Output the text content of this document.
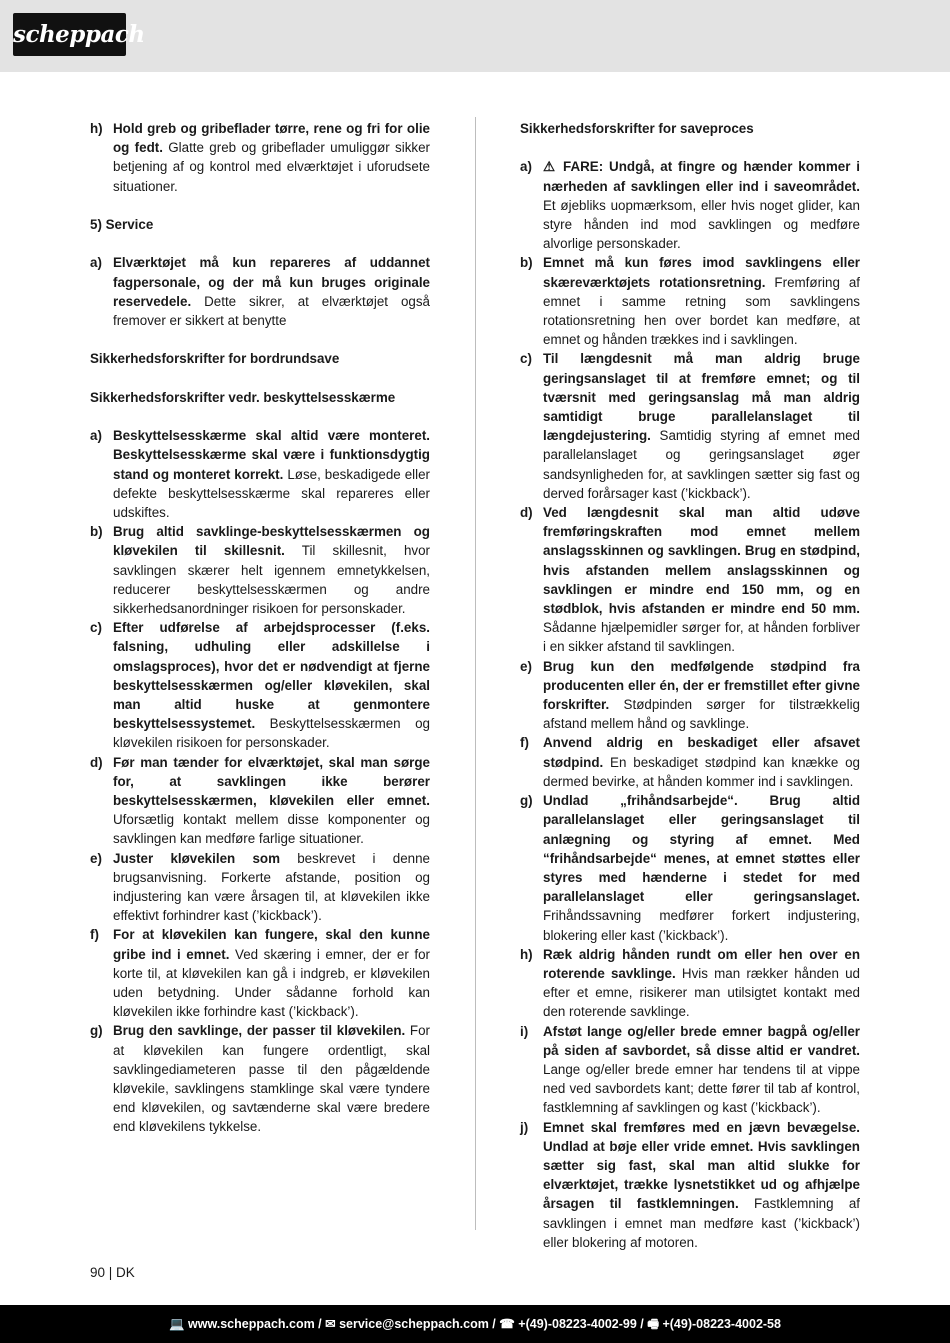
scheppach
h) Hold greb og gribeflader tørre, rene og fri for olie og fedt. Glatte greb og gribeflader umuliggør sikker betjening af og kontrol med elværktøjet i uforudsete situationer.
5) Service
a) Elværktøjet må kun repareres af uddannet fagpersonale, og der må kun bruges originale reservedele. Dette sikrer, at elværktøjet også fremover er sikkert at benytte
Sikkerhedsforskrifter for bordrundsave
Sikkerhedsforskrifter vedr. beskyttelsesskærme
a) Beskyttelsesskærme skal altid være monteret. Beskyttelsesskærme skal være i funktionsdygtig stand og monteret korrekt. Løse, beskadigede eller defekte beskyttelsesskærme skal repareres eller udskiftes.
b) Brug altid savklinge-beskyttelsesskærmen og kløvekilen til skillesnit. Til skillesnit, hvor savklingen skærer helt igennem emnetykkelsen, reducerer beskyttelsesskærmen og andre sikkerhedsanordninger risikoen for personskader.
c) Efter udførelse af arbejdsprocesser (f.eks. falsning, udhuling eller adskillelse i omslagsproces), hvor det er nødvendigt at fjerne beskyttelsesskærmen og/eller kløvekilen, skal man altid huske at genmontere beskyttelsessystemet. Beskyttelsesskærmen og kløvekilen risikoen for personskader.
d) Før man tænder for elværktøjet, skal man sørge for, at savklingen ikke berører beskyttelsesskærmen, kløvekilen eller emnet. Uforsætlig kontakt mellem disse komponenter og savklingen kan medføre farlige situationer.
e) Juster kløvekilen som beskrevet i denne brugsanvisning. Forkerte afstande, position og indjustering kan være årsagen til, at kløvekilen ikke effektivt forhindrer kast (’kickback’).
f)	For at kløvekilen kan fungere, skal den kunne gribe ind i emnet. Ved skæring i emner, der er for korte til, at kløvekilen kan gå i indgreb, er kløvekilen uden betydning. Under sådanne forhold kan kløvekilen ikke forhindre kast (’kickback’).
g) Brug den savklinge, der passer til kløvekilen. For at kløvekilen kan fungere ordentligt, skal savklingediameteren passe til den pågældende kløvekile, savklingens stamklinge skal være tyndere end kløvekilen, og savtænderne skal være bredere end kløvekilens tykkelse.
Sikkerhedsforskrifter for saveproces
a) ⚠ FARE: Undgå, at fingre og hænder kommer i nærheden af savklingen eller ind i saveområdet. Et øjebliks uopmærksom, eller hvis noget glider, kan styre hånden ind mod savklingen og medføre alvorlige personskader.
b) Emnet må kun føres imod savklingens eller skæreværktøjets rotationsretning. Fremføring af emnet i samme retning som savklingens rotationsretning hen over bordet kan medføre, at emnet og hånden trækkes ind i savklingen.
c) Til længdesnit må man aldrig bruge geringsanslaget til at fremføre emnet; og til tværsnit med geringsanslag må man aldrig samtidigt bruge parallelanslaget til længdejustering. Samtidig styring af emnet med parallelanslaget og geringsanslaget øger sandsynligheden for, at savklingen sætter sig fast og derved forårsager kast (’kickback’).
d) Ved længdesnit skal man altid udøve fremføringskraften mod emnet mellem anslagsskinnen og savklingen. Brug en stødpind, hvis afstanden mellem anslagsskinnen og savklingen er mindre end 150 mm, og en stødblok, hvis afstanden er mindre end 50 mm. Sådanne hjælpemidler sørger for, at hånden forbliver i en sikker afstand til savklingen.
e) Brug kun den medfølgende stødpind fra producenten eller én, der er fremstillet efter givne forskrifter. Stødpinden sørger for tilstrækkelig afstand mellem hånd og savklinge.
f)	Anvend aldrig en beskadiget eller afsavet stødpind. En beskadiget stødpind kan knække og dermed bevirke, at hånden kommer ind i savklingen.
g) Undlad „frihåndsarbejde“. Brug altid parallelanslaget eller geringsanslaget til anlægning og styring af emnet. Med “frihåndsarbejde“ menes, at emnet støttes eller styres med hænderne i stedet for med parallelanslaget eller geringsanslaget. Frihåndssavning medfører forkert indjustering, blokering eller kast (’kickback’).
h) Ræk aldrig hånden rundt om eller hen over en roterende savklinge. Hvis man rækker hånden ud efter et emne, risikerer man utilsigtet kontakt med den roterende savklinge.
i)	Afstøt lange og/eller brede emner bagpå og/eller på siden af savbordet, så disse altid er vandret. Lange og/eller brede emner har tendens til at vippe ned ved savbordets kant; dette fører til tab af kontrol, fastklemning af savklingen og kast (’kickback’).
j)	Emnet skal fremføres med en jævn bevægelse. Undlad at bøje eller vride emnet. Hvis savklingen sætter sig fast, skal man altid slukke for elværktøjet, trække lysnetstikket ud og afhjælpe årsagen til fastklemningen. Fastklemning af savklingen i emnet man medføre kast (’kickback’) eller blokering af motoren.
90 | DK
💻 www.scheppach.com / ✉ service@scheppach.com / ☎ +(49)-08223-4002-99 / 🖷 +(49)-08223-4002-58
